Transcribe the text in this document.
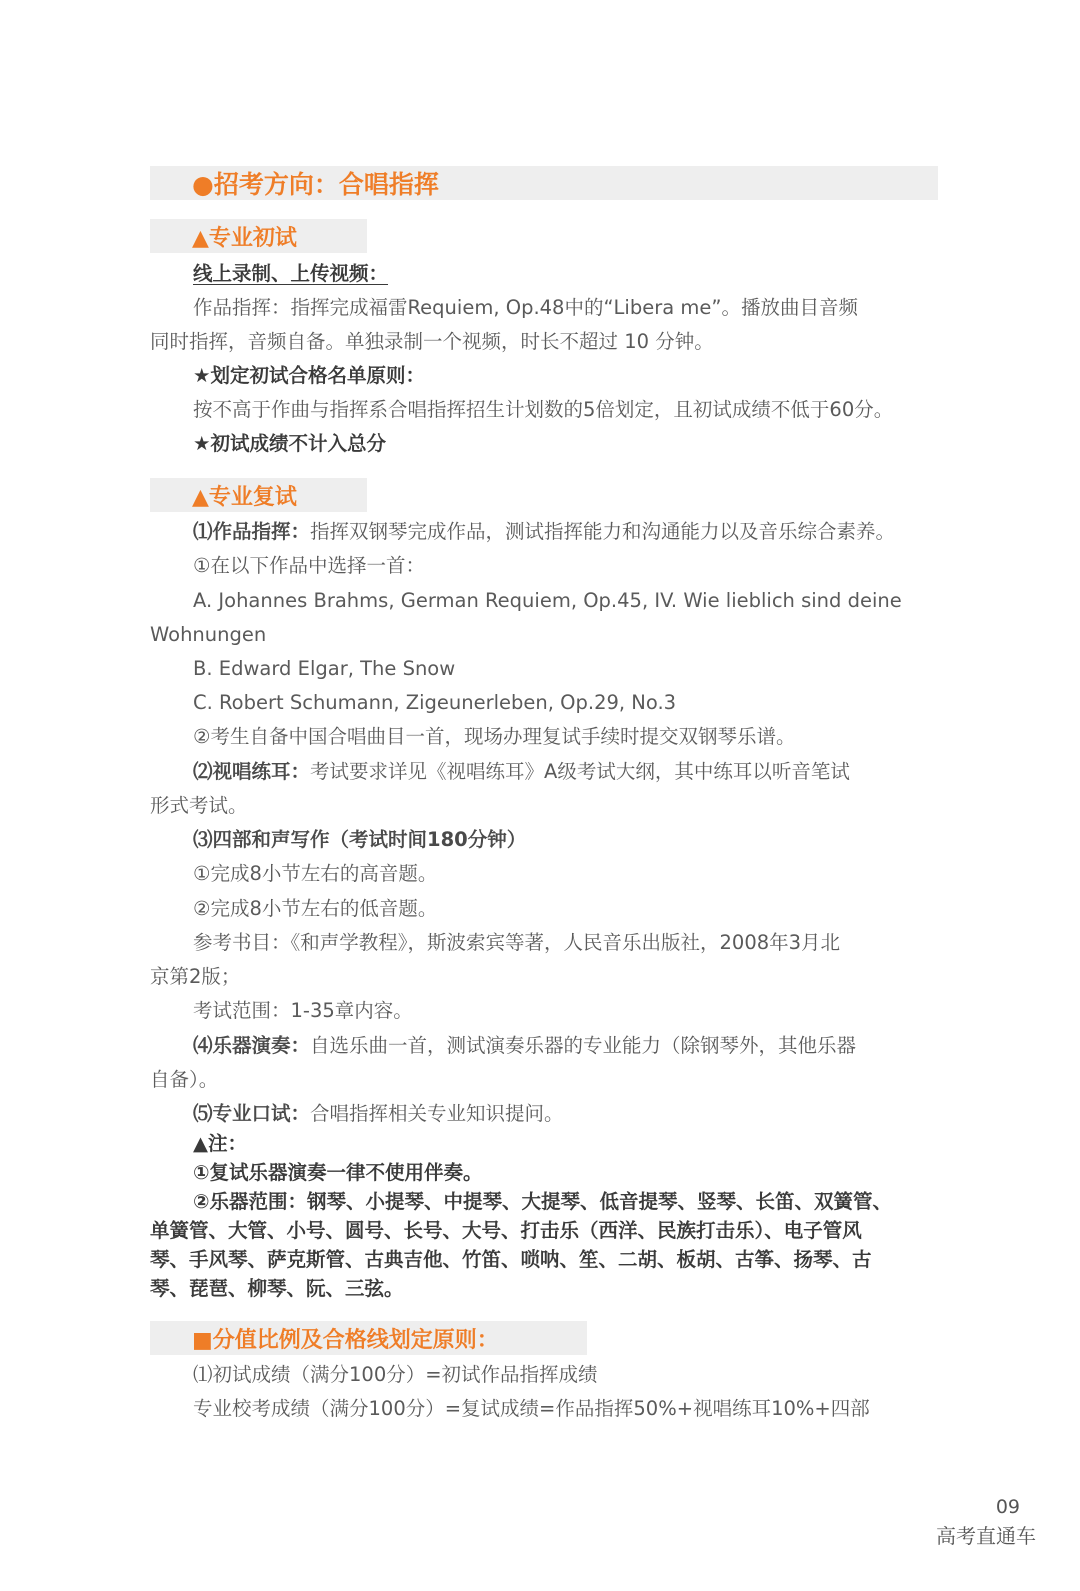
●招考方向：合唱指挥
▲专业初试
线上录制、上传视频：
作品指挥：指挥完成福雷Requiem, Op.48中的“Libera me”。播放曲目音频
同时指挥，音频自备。单独录制一个视频，时长不超过 10 分钟。
★划定初试合格名单原则：
按不高于作曲与指挥系合唱指挥招生计划数的5倍划定，且初试成绩不低于60分。
★初试成绩不计入总分
▲专业复试
⑴作品指挥：指挥双钢琴完成作品，测试指挥能力和沟通能力以及音乐综合素养。
①在以下作品中选择一首：
A. Johannes Brahms, German Requiem, Op.45, IV. Wie lieblich sind deine
Wohnungen
B. Edward Elgar, The Snow
C. Robert Schumann, Zigeunerleben, Op.29, No.3
②考生自备中国合唱曲目一首，现场办理复试手续时提交双钢琴乐谱。
⑵视唱练耳：考试要求详见《视唱练耳》A级考试大纲，其中练耳以听音笔试
形式考试。
⑶四部和声写作（考试时间180分钟）
①完成8小节左右的高音题。
②完成8小节左右的低音题。
参考书目：《和声学教程》，斯波索宾等著，人民音乐出版社，2008年3月北
京第2版；
考试范围：1-35章内容。
⑷乐器演奏：自选乐曲一首，测试演奏乐器的专业能力（除钢琴外，其他乐器
自备）。
⑸专业口试：合唱指挥相关专业知识提问。
▲注：
①复试乐器演奏一律不使用伴奏。
②乐器范围：钢琴、小提琴、中提琴、大提琴、低音提琴、竖琴、长笛、双簧管、
单簧管、大管、小号、圆号、长号、大号、打击乐（西洋、民族打击乐）、电子管风
琴、手风琴、萨克斯管、古典吉他、竹笛、唢呐、笙、二胡、板胡、古筝、扬琴、古
琴、琵琶、柳琴、阮、三弦。
■分值比例及合格线划定原则：
⑴初试成绩（满分100分）=初试作品指挥成绩
专业校考成绩（满分100分）=复试成绩=作品指挥50%+视唱练耳10%+四部
09
高考直通车
